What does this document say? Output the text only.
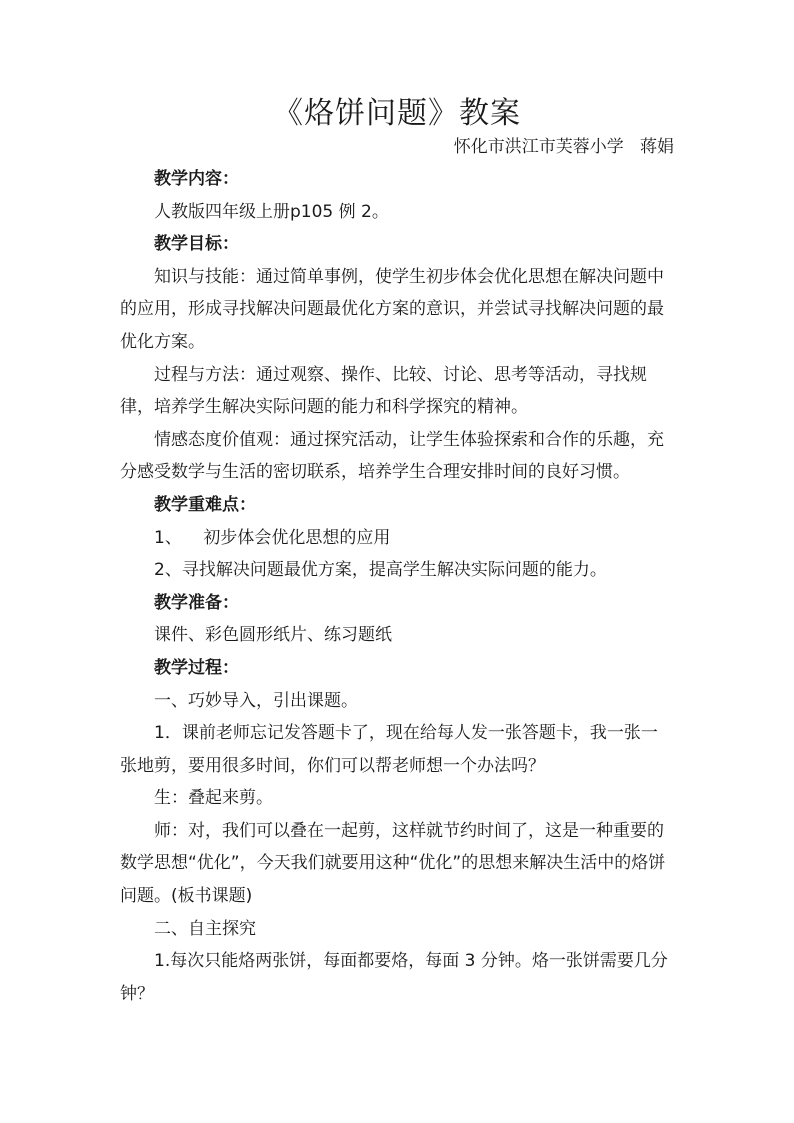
《烙饼问题》教案
怀化市洪江市芙蓉小学   蒋娟

教学内容：

人教版四年级上册p105 例 2。

教学目标：

知识与技能：通过简单事例，使学生初步体会优化思想在解决问题中的应用，形成寻找解决问题最优化方案的意识，并尝试寻找解决问题的最优化方案。

过程与方法：通过观察、操作、比较、讨论、思考等活动，寻找规律，培养学生解决实际问题的能力和科学探究的精神。

情感态度价值观：通过探究活动，让学生体验探索和合作的乐趣，充分感受数学与生活的密切联系，培养学生合理安排时间的良好习惯。

教学重难点：

1、    初步体会优化思想的应用

2、寻找解决问题最优方案，提高学生解决实际问题的能力。

教学准备：

课件、彩色圆形纸片、练习题纸

教学过程：

一、巧妙导入，引出课题。

1．课前老师忘记发答题卡了，现在给每人发一张答题卡，我一张一张地剪，要用很多时间，你们可以帮老师想一个办法吗？

生：叠起来剪。

师：对，我们可以叠在一起剪，这样就节约时间了，这是一种重要的数学思想“优化”，今天我们就要用这种“优化”的思想来解决生活中的烙饼问题。(板书课题)

二、自主探究

1.每次只能烙两张饼，每面都要烙，每面 3 分钟。烙一张饼需要几分钟？
